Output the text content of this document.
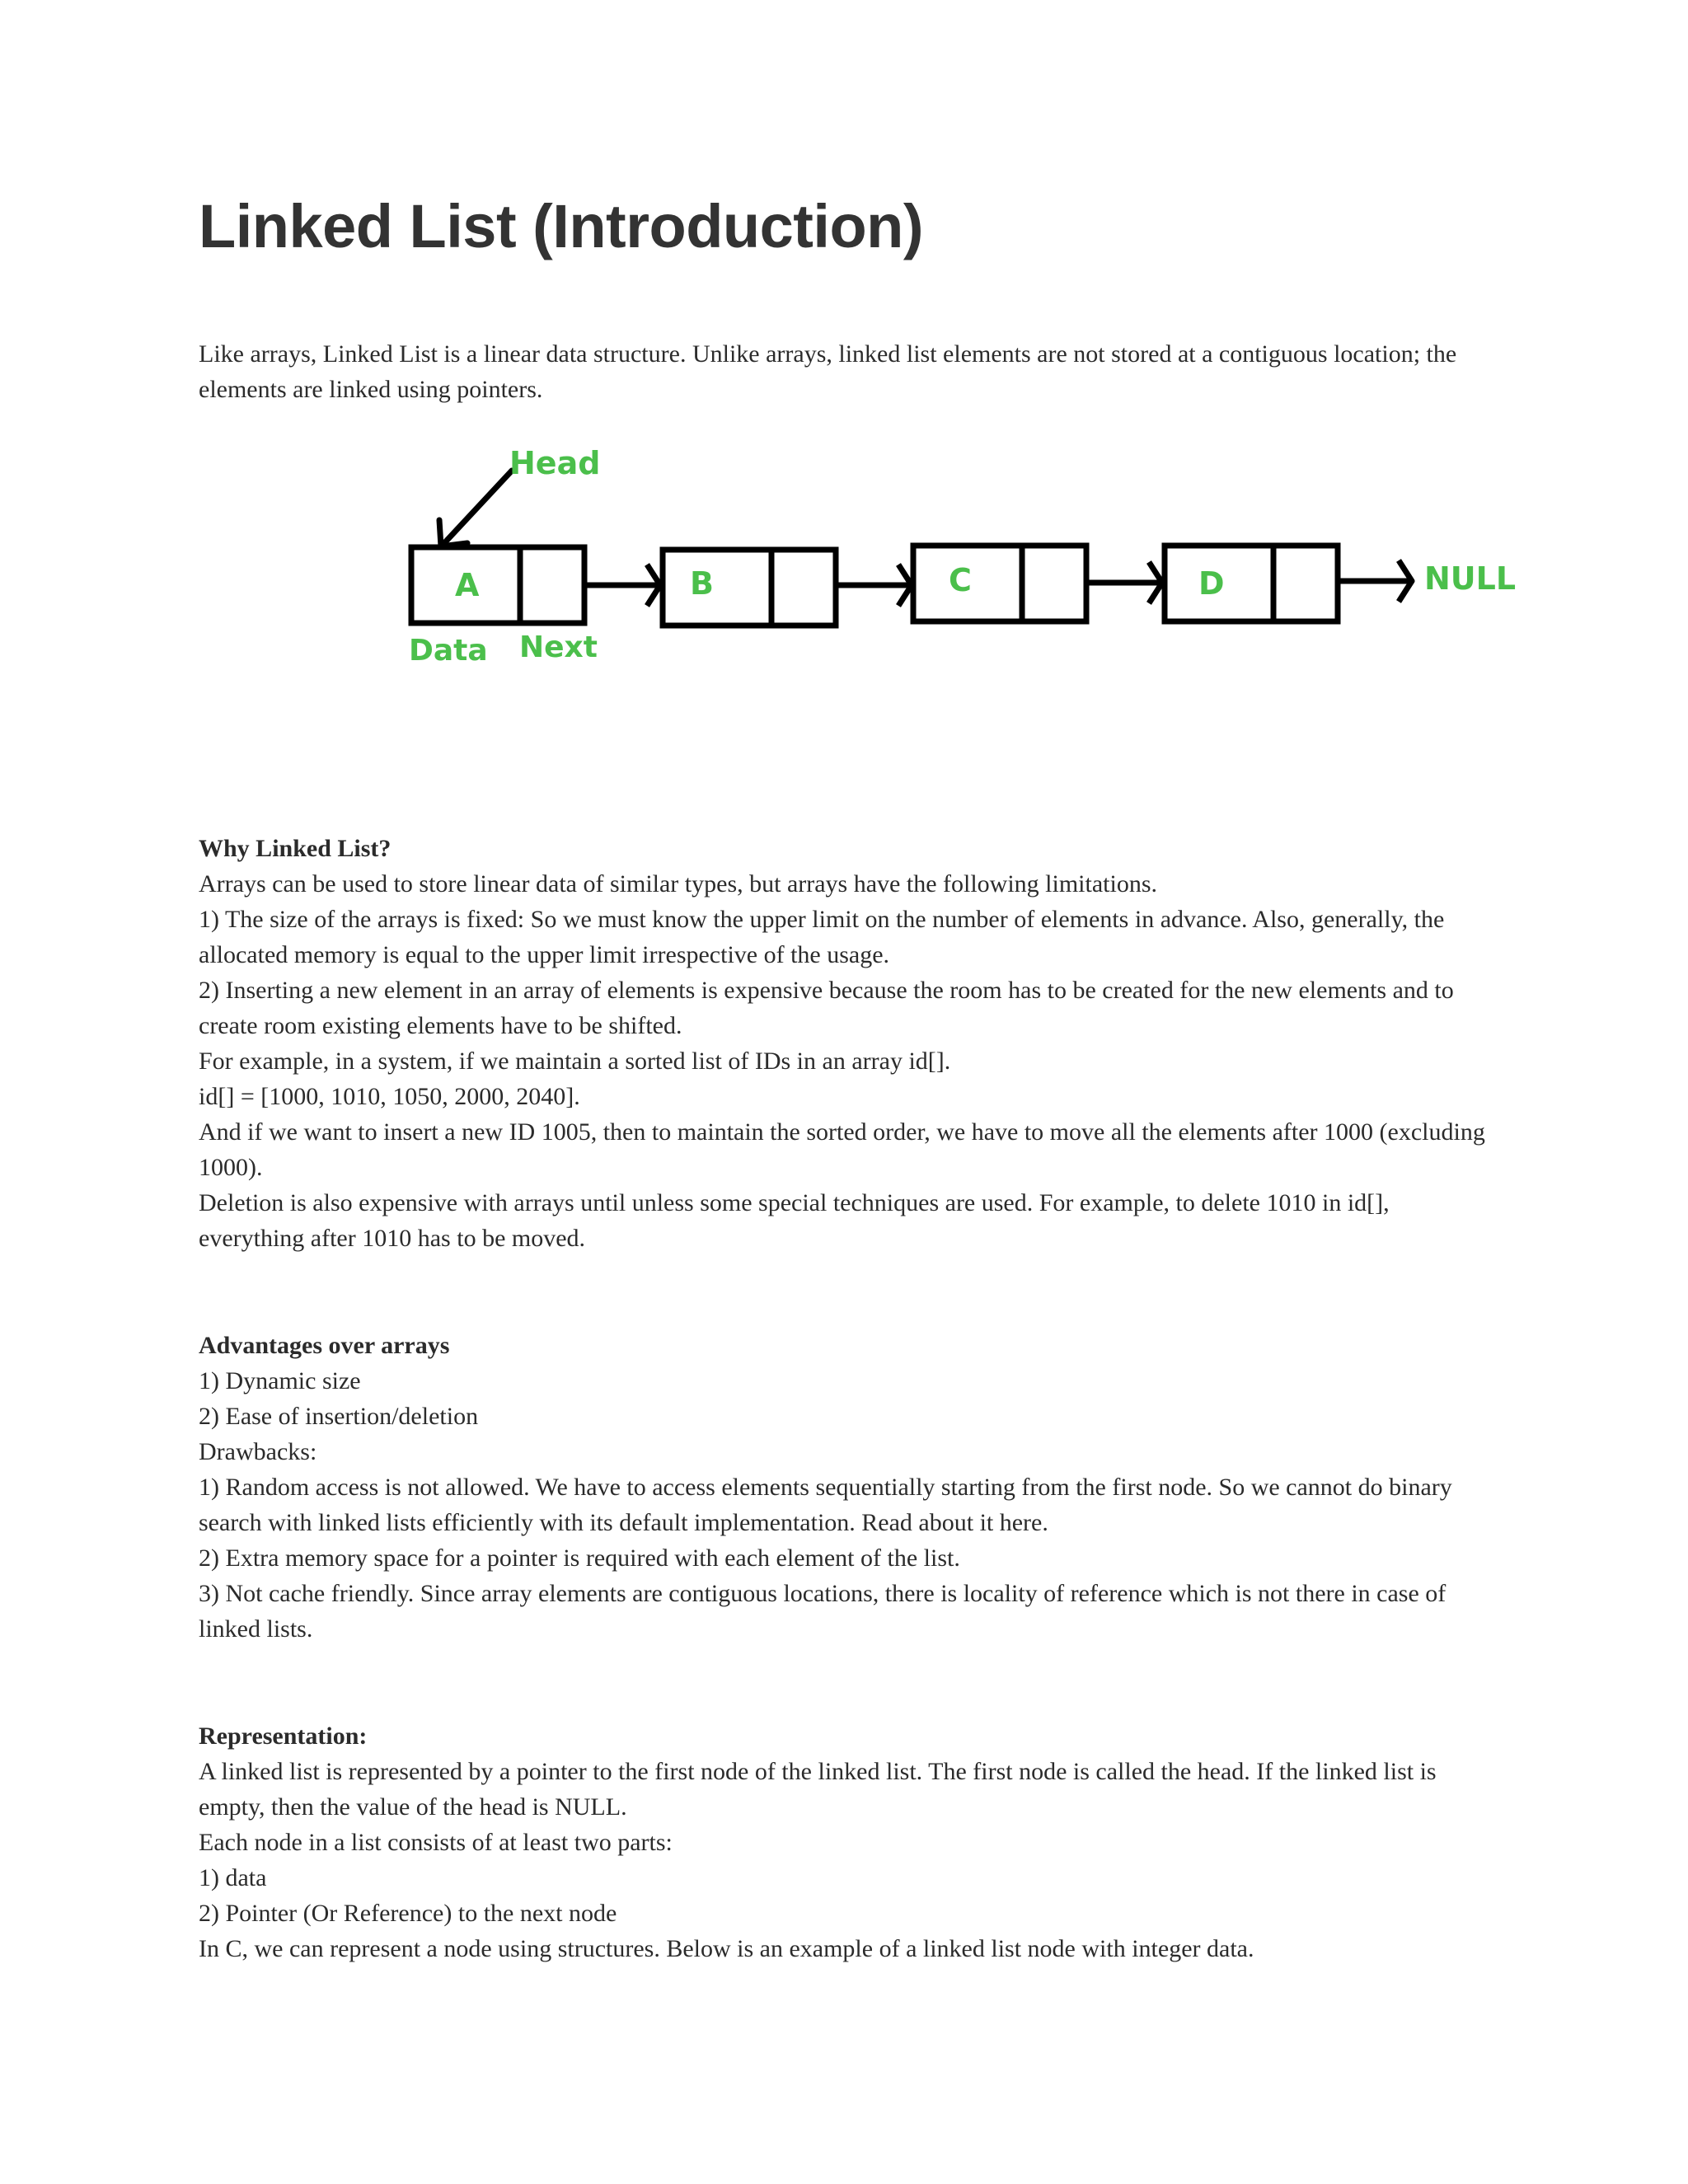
Linked List (Introduction)

Like arrays, Linked List is a linear data structure. Unlike arrays, linked list elements are not stored at a contiguous location; the elements are linked using pointers.

Head
A	B	C	D	NULL
Data Next
Why Linked List?
Arrays can be used to store linear data of similar types, but arrays have the following limitations.
1) The size of the arrays is fixed: So we must know the upper limit on the number of elements in advance. Also, generally, the allocated memory is equal to the upper limit irrespective of the usage.
2) Inserting a new element in an array of elements is expensive because the room has to be created for the new elements and to create room existing elements have to be shifted.
For example, in a system, if we maintain a sorted list of IDs in an array id[].
id[] = [1000, 1010, 1050, 2000, 2040].
And if we want to insert a new ID 1005, then to maintain the sorted order, we have to move all the elements after 1000 (excluding 1000).
Deletion is also expensive with arrays until unless some special techniques are used. For example, to delete 1010 in id[], everything after 1010 has to be moved.
Advantages over arrays
1) Dynamic size
2) Ease of insertion/deletion
Drawbacks:
1) Random access is not allowed. We have to access elements sequentially starting from the first node. So we cannot do binary search with linked lists efficiently with its default implementation. Read about it here.
2) Extra memory space for a pointer is required with each element of the list.
3) Not cache friendly. Since array elements are contiguous locations, there is locality of reference which is not there in case of linked lists.
Representation:
A linked list is represented by a pointer to the first node of the linked list. The first node is called the head. If the linked list is empty, then the value of the head is NULL.
Each node in a list consists of at least two parts:
1) data
2) Pointer (Or Reference) to the next node
In C, we can represent a node using structures. Below is an example of a linked list node with integer data.
